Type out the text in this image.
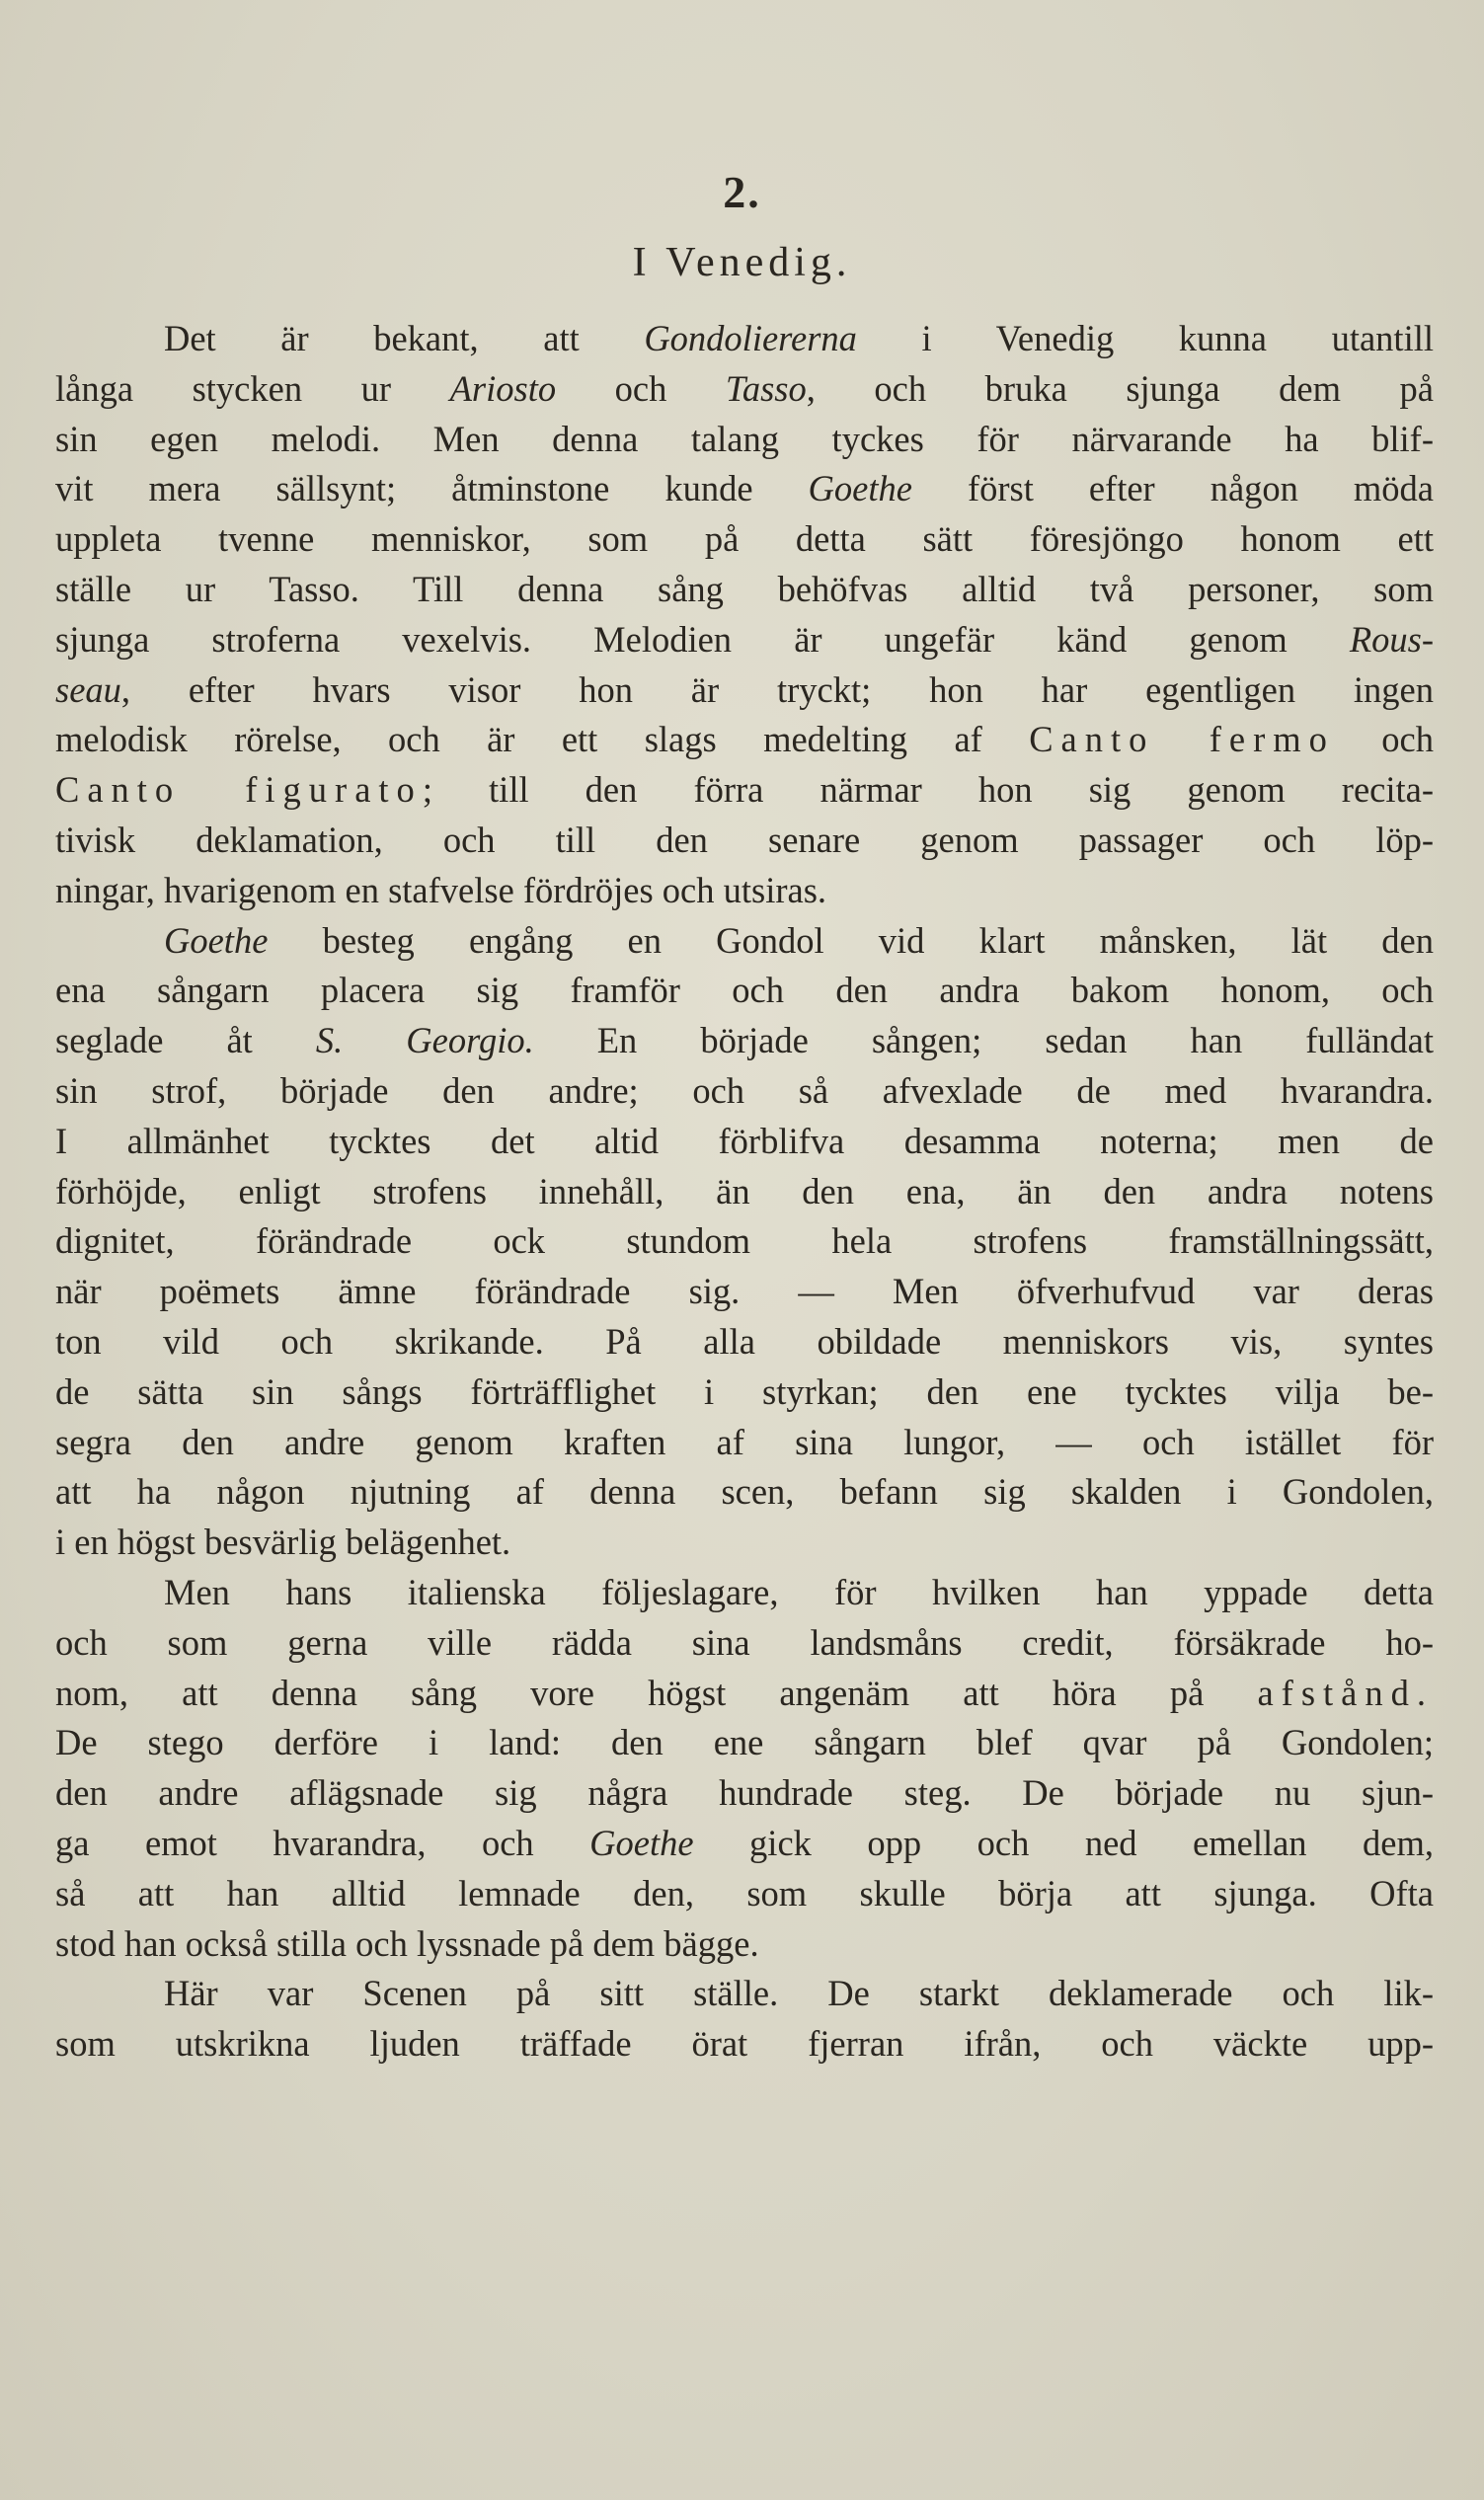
2.
I Venedig.
Det är bekant, att Gondoliererna i Venedig kunna utantill
långa stycken ur Ariosto och Tasso, och bruka sjunga dem på
sin egen melodi. Men denna talang tyckes för närvarande ha blif-
vit mera sällsynt; åtminstone kunde Goethe först efter någon möda
uppleta tvenne menniskor, som på detta sätt föresjöngo honom ett
ställe ur Tasso. Till denna sång behöfvas alltid två personer, som
sjunga stroferna vexelvis. Melodien är ungefär känd genom Rous-
seau, efter hvars visor hon är tryckt; hon har egentligen ingen
melodisk rörelse, och är ett slags medelting af Canto fermo och
Canto figurato; till den förra närmar hon sig genom recita-
tivisk deklamation, och till den senare genom passager och löp-
ningar, hvarigenom en stafvelse fördröjes och utsiras.
Goethe besteg engång en Gondol vid klart månsken, lät den
ena sångarn placera sig framför och den andra bakom honom, och
seglade åt S. Georgio. En började sången; sedan han fulländat
sin strof, började den andre; och så afvexlade de med hvarandra.
I allmänhet tycktes det altid förblifva desamma noterna; men de
förhöjde, enligt strofens innehåll, än den ena, än den andra notens
dignitet, förändrade ock stundom hela strofens framställningssätt,
när poëmets ämne förändrade sig. — Men öfverhufvud var deras
ton vild och skrikande. På alla obildade menniskors vis, syntes
de sätta sin sångs förträfflighet i styrkan; den ene tycktes vilja be-
segra den andre genom kraften af sina lungor, — och istället för
att ha någon njutning af denna scen, befann sig skalden i Gondolen,
i en högst besvärlig belägenhet.
Men hans italienska följeslagare, för hvilken han yppade detta
och som gerna ville rädda sina landsmåns credit, försäkrade ho-
nom, att denna sång vore högst angenäm att höra på afstånd.
De stego derföre i land: den ene sångarn blef qvar på Gondolen;
den andre aflägsnade sig några hundrade steg. De började nu sjun-
ga emot hvarandra, och Goethe gick opp och ned emellan dem,
så att han alltid lemnade den, som skulle börja att sjunga. Ofta
stod han också stilla och lyssnade på dem bägge.
Här var Scenen på sitt ställe. De starkt deklamerade och lik-
som utskrikna ljuden träffade örat fjerran ifrån, och väckte upp-
